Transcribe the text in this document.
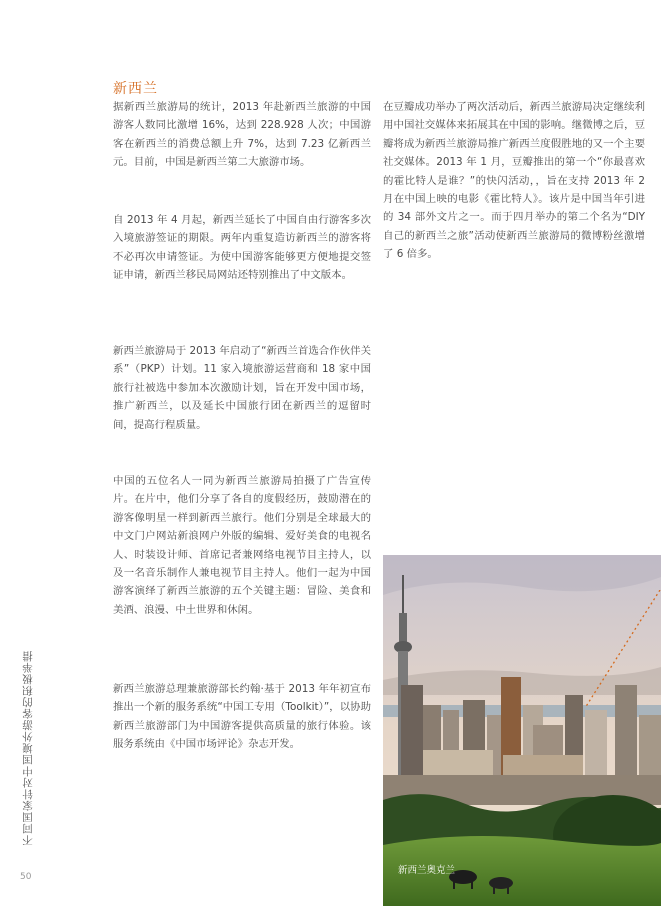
新西兰

据新西兰旅游局的统计，2013 年赴新西兰旅游的中国游客人数同比激增 16%，达到 228.928 人次；中国游客在新西兰的消费总额上升 7%，达到 7.23 亿新西兰元。目前，中国是新西兰第二大旅游市场。

自 2013 年 4 月起，新西兰延长了中国自由行游客多次入境旅游签证的期限。两年内重复造访新西兰的游客将不必再次申请签证。为使中国游客能够更方便地提交签证申请，新西兰移民局网站还特别推出了中文版本。

新西兰旅游局于 2013 年启动了“新西兰首选合作伙伴关系”（PKP）计划。11 家入境旅游运营商和 18 家中国旅行社被选中参加本次激励计划，旨在开发中国市场，推广新西兰，以及延长中国旅行团在新西兰的逗留时间，提高行程质量。

中国的五位名人一同为新西兰旅游局拍摄了广告宣传片。在片中，他们分享了各自的度假经历，鼓励潜在的游客像明星一样到新西兰旅行。他们分别是全球最大的中文门户网站新浪网户外版的编辑、爱好美食的电视名人、时装设计师、首席记者兼网络电视节目主持人，以及一名音乐制作人兼电视节目主持人。他们一起为中国游客演绎了新西兰旅游的五个关键主题：冒险、美食和美酒、浪漫、中土世界和休闲。

新西兰旅游总理兼旅游部长约翰·基于 2013 年年初宣布推出一个新的服务系统“中国工专用（Toolkit）”，以协助新西兰旅游部门为中国游客提供高质量的旅行体验。该服务系统由《中国市场评论》杂志开发。

在豆瓣成功举办了两次活动后，新西兰旅游局决定继续利用中国社交媒体来拓展其在中国的影响。继微博之后，豆瓣将成为新西兰旅游局推广新西兰度假胜地的又一个主要社交媒体。2013 年 1 月，豆瓣推出的第一个“你最喜欢的霍比特人是谁？”的快闪活动，，旨在支持 2013 年 2 月在中国上映的电影《霍比特人》。该片是中国当年引进的 34 部外文片之一。而于四月举办的第二个名为“DIY 自己的新西兰之旅”活动使新西兰旅游局的微博粉丝激增了 6 倍多。

不同国家针对中国境外游客的积极举措
50
新西兰奥克兰
